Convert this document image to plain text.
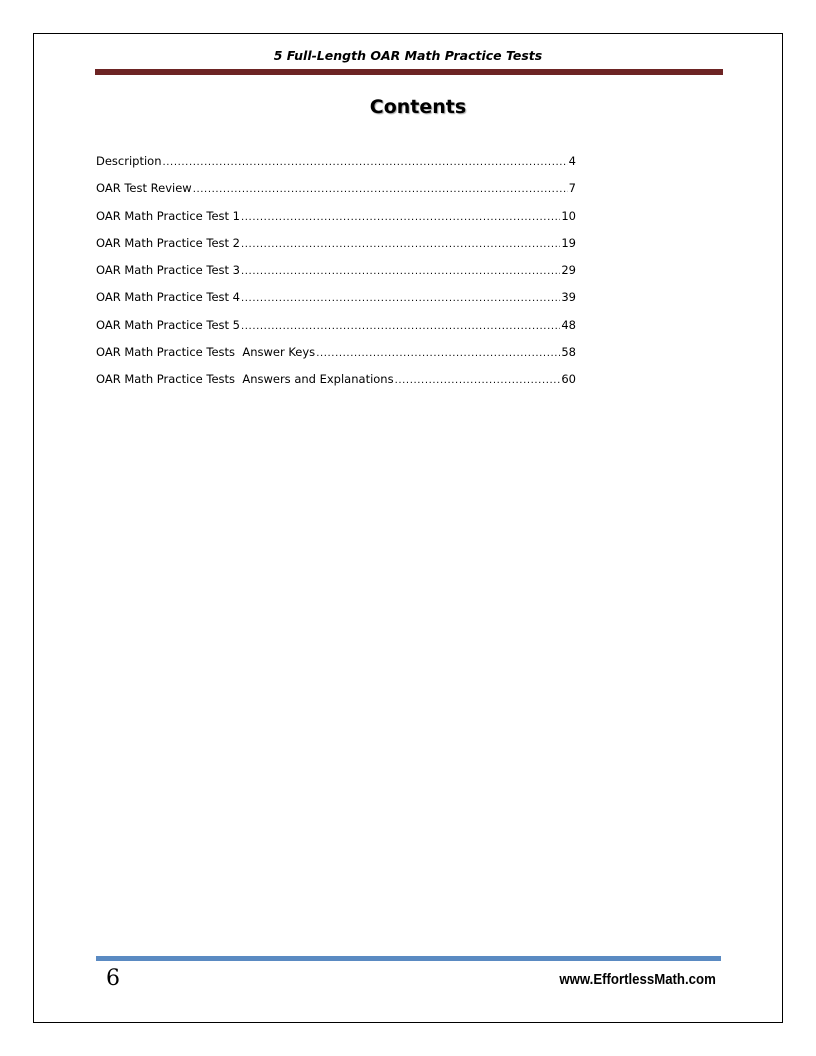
5 Full-Length OAR Math Practice Tests
Contents
Description .....	4
OAR Test Review .....	7
OAR Math Practice Test 1 .....	10
OAR Math Practice Test 2 .....	19
OAR Math Practice Test 3 .....	29
OAR Math Practice Test 4 .....	39
OAR Math Practice Test 5 .....	48
OAR Math Practice Tests  Answer Keys .....	58
OAR Math Practice Tests  Answers and Explanations .....	60
6	www.EffortlessMath.com
